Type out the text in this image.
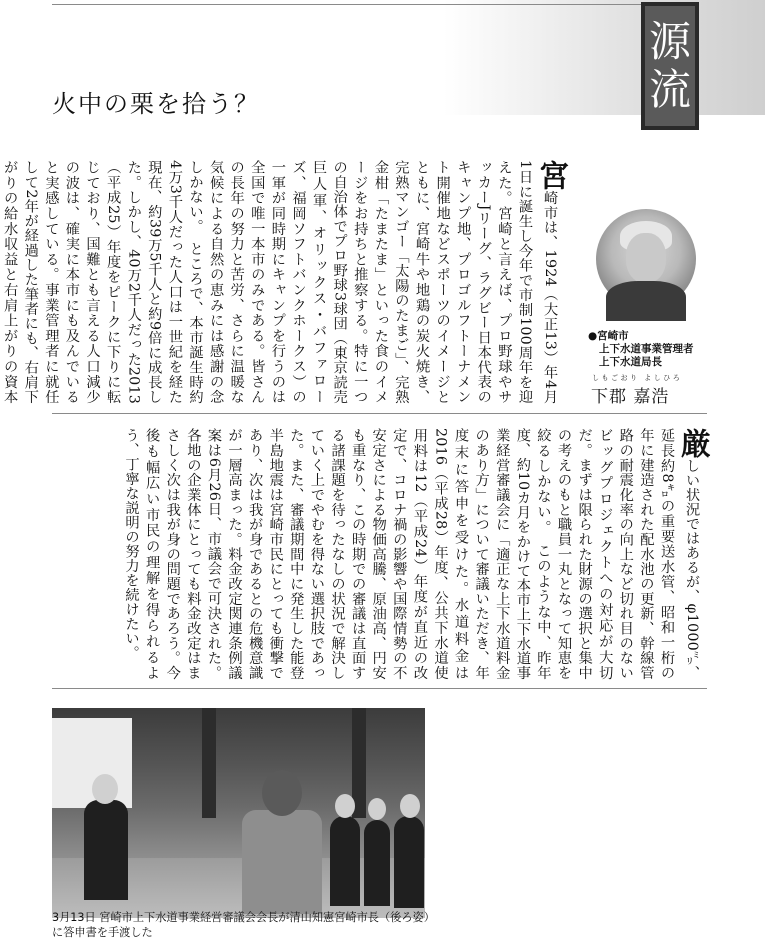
源
流
火中の栗を拾う？
●宮崎市
上下水道事業管理者
上下水道局長
しもごおり よしひろ
下郡 嘉浩
宮崎市は、1924（大正13）年4月1日に誕生し今年で市制100周年を迎えた。宮崎と言えば、プロ野球やサッカーJリーグ、ラグビー日本代表のキャンプ地、プロゴルフトーナメント開催地などスポーツのイメージとともに、宮崎牛や地鶏の炭火焼き、完熟マンゴー「太陽のたまご」、完熟金柑「たまたま」といった食のイメージをお持ちと推察する。特に一つの自治体でプロ野球3球団（東京読売巨人軍、オリックス・バファローズ、福岡ソフトバンクホークス）の一軍が同時期にキャンプを行うのは全国で唯一本市のみである。皆さんの長年の努力と苦労、さらに温暖な気候による自然の恵みには感謝の念しかない。　ところで、本市誕生時約4万3千人だった人口は一世紀を経た現在、約39万5千人と約9倍に成長した。しかし、40万2千人だった2013（平成25）年度をピークに下りに転じており、国難とも言える人口減少の波は、確実に本市にも及んでいると実感している。事業管理者に就任して2年が経過した筆者にも、右肩下がりの給水収益と右肩上がりの資本
厳しい状況ではあるが、φ1000㍉、延長約8㌔の重要送水管、昭和一桁の年に建造された配水池の更新、幹線管路の耐震化率の向上など切れ目のないビッグプロジェクトへの対応が大切だ。まずは限られた財源の選択と集中の考えのもと職員一丸となって知恵を絞るしかない。　このような中、昨年度、約10カ月をかけて本市上下水道事業経営審議会に「適正な上下水道料金のあり方」について審議いただき、年度末に答申を受けた。水道料金は2016（平成28）年度、公共下水道使用料は12（平成24）年度が直近の改定で、コロナ禍の影響や国際情勢の不安定さによる物価高騰、原油高、円安も重なり、この時期での審議は直面する諸課題を待ったなしの状況で解決していく上でやむを得ない選択肢であった。また、審議期間中に発生した能登半島地震は宮崎市民にとっても衝撃であり、次は我が身であるとの危機意識が一層高まった。料金改定関連条例議案は6月26日、市議会で可決された。各地の企業体にとっても料金改定はまさしく次は我が身の問題であろう。今後も幅広い市民の理解を得られるよう、丁寧な説明の努力を続けたい。
3月13日 宮崎市上下水道事業経営審議会会長が清山知憲宮崎市長（後ろ姿）に答申書を手渡した
